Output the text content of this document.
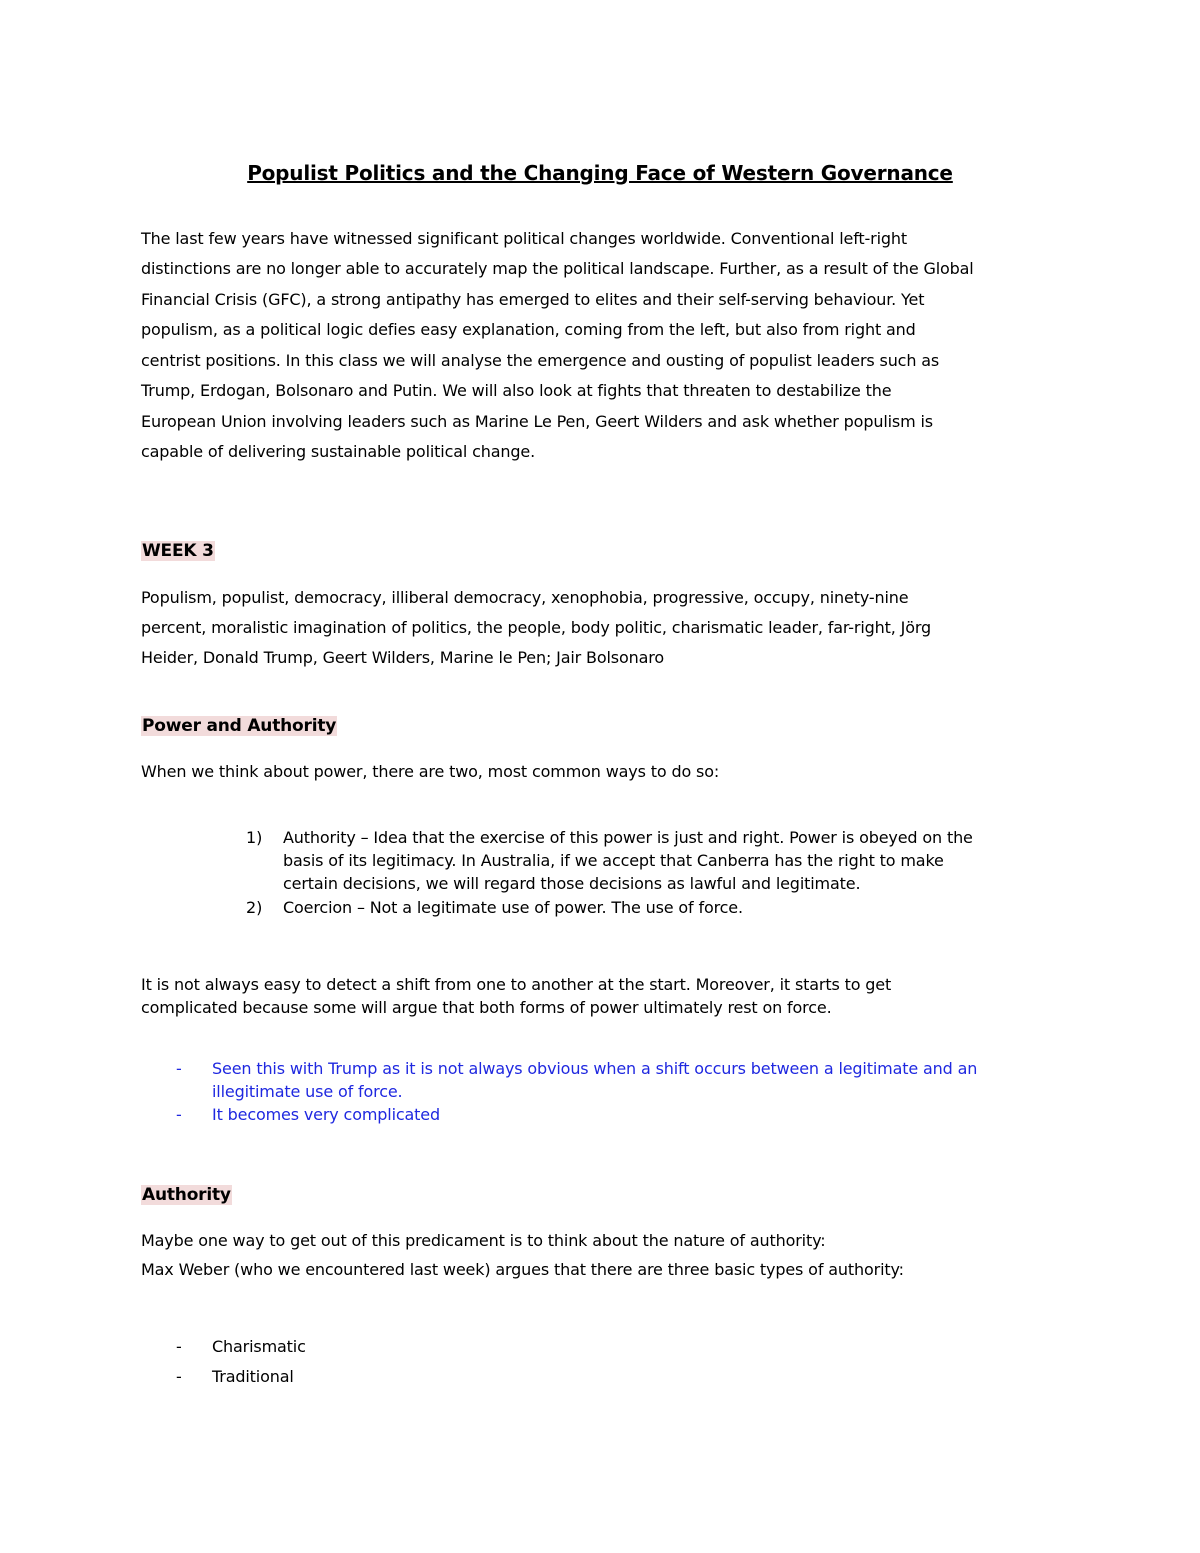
Populist Politics and the Changing Face of Western Governance

The last few years have witnessed significant political changes worldwide. Conventional left-right

distinctions are no longer able to accurately map the political landscape. Further, as a result of the Global

Financial Crisis (GFC), a strong antipathy has emerged to elites and their self-serving behaviour. Yet

populism, as a political logic defies easy explanation, coming from the left, but also from right and

centrist positions. In this class we will analyse the emergence and ousting of populist leaders such as

Trump, Erdogan, Bolsonaro and Putin. We will also look at fights that threaten to destabilize the

European Union involving leaders such as Marine Le Pen, Geert Wilders and ask whether populism is

capable of delivering sustainable political change.

WEEK 3
Populism, populist, democracy, illiberal democracy, xenophobia, progressive, occupy, ninety-nine
percent, moralistic imagination of politics, the people, body politic, charismatic leader, far-right, Jörg
Heider, Donald Trump, Geert Wilders, Marine le Pen; Jair Bolsonaro
Power and Authority
When we think about power, there are two, most common ways to do so:
1) Authority – Idea that the exercise of this power is just and right. Power is obeyed on the
basis of its legitimacy. In Australia, if we accept that Canberra has the right to make
certain decisions, we will regard those decisions as lawful and legitimate.
2) Coercion – Not a legitimate use of power. The use of force.
It is not always easy to detect a shift from one to another at the start. Moreover, it starts to get
complicated because some will argue that both forms of power ultimately rest on force.
- Seen this with Trump as it is not always obvious when a shift occurs between a legitimate and an
illegitimate use of force.
- It becomes very complicated
Authority
Maybe one way to get out of this predicament is to think about the nature of authority:
Max Weber (who we encountered last week) argues that there are three basic types of authority:
- Charismatic
- Traditional
